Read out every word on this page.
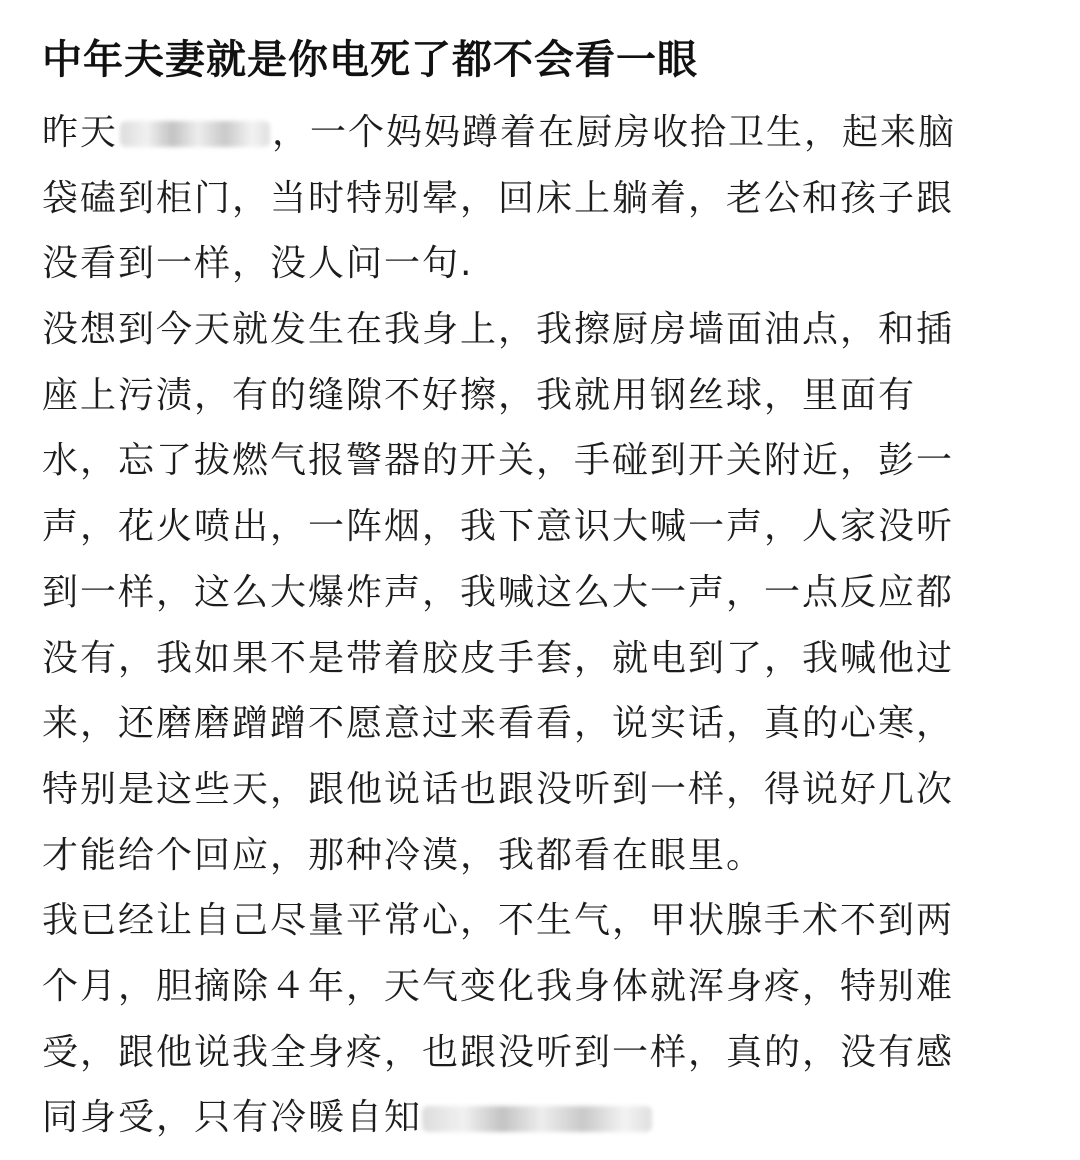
中年夫妻就是你电死了都不会看一眼
昨天	，一个妈妈蹲着在厨房收拾卫生，起来脑
袋磕到柜门，当时特别晕，回床上躺着，老公和孩子跟
没看到一样，没人问一句.
没想到今天就发生在我身上，我擦厨房墙面油点，和插
座上污渍，有的缝隙不好擦，我就用钢丝球，里面有
水，忘了拔燃气报警器的开关，手碰到开关附近，彭一
声，花火喷出，一阵烟，我下意识大喊一声，人家没听
到一样，这么大爆炸声，我喊这么大一声，一点反应都
没有，我如果不是带着胶皮手套，就电到了，我喊他过
来，还磨磨蹭蹭不愿意过来看看，说实话，真的心寒，
特别是这些天，跟他说话也跟没听到一样，得说好几次
才能给个回应，那种冷漠，我都看在眼里。
我已经让自己尽量平常心，不生气，甲状腺手术不到两
个月，胆摘除４年，天气变化我身体就浑身疼，特别难
受，跟他说我全身疼，也跟没听到一样，真的，没有感
同身受，只有冷暖自知
